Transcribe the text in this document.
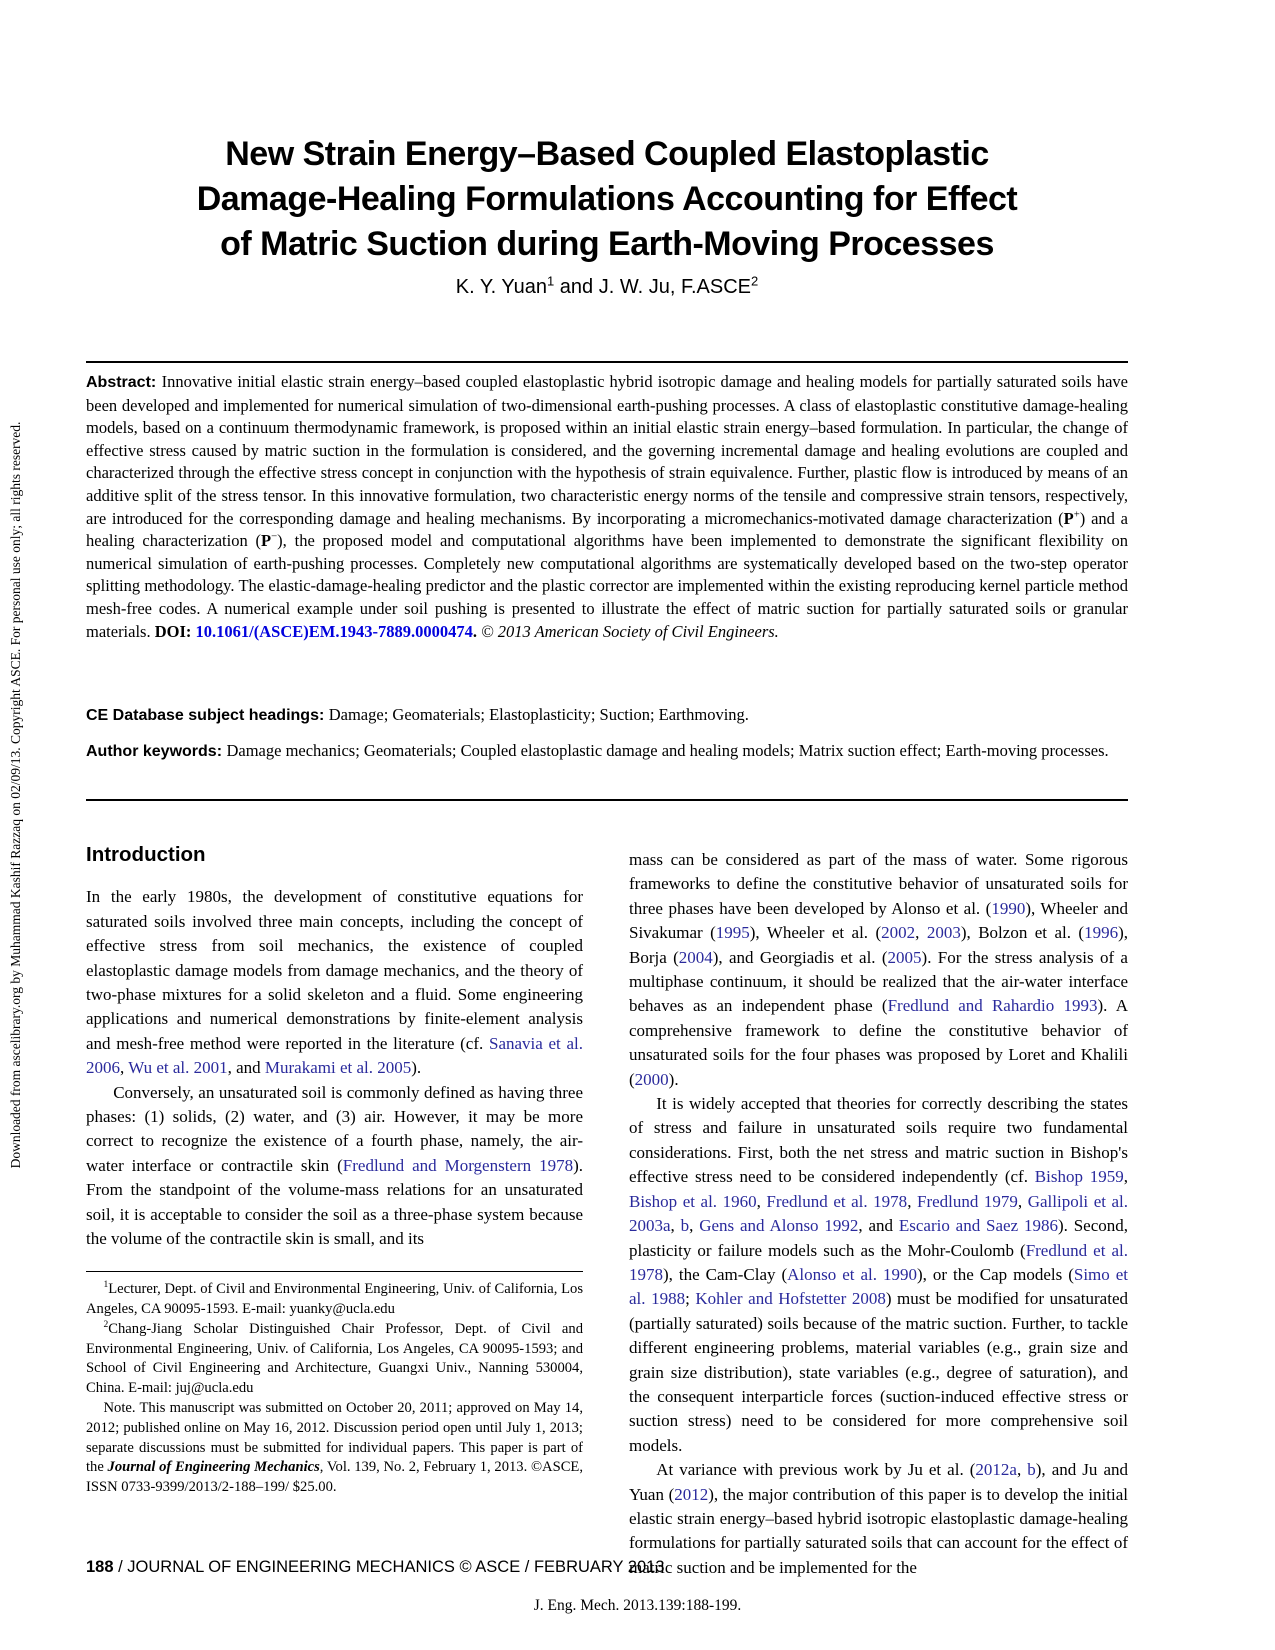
Downloaded from ascelibrary.org by Muhammad Kashif Razzaq on 02/09/13. Copyright ASCE. For personal use only; all rights reserved.
New Strain Energy–Based Coupled Elastoplastic
Damage-Healing Formulations Accounting for Effect
of Matric Suction during Earth-Moving Processes
K. Y. Yuan$^1$ and J. W. Ju, F.ASCE$^2$
Abstract: Innovative initial elastic strain energy–based coupled elastoplastic hybrid isotropic damage and healing models for partially saturated soils have been developed and implemented for numerical simulation of two-dimensional earth-pushing processes. A class of elastoplastic constitutive damage-healing models, based on a continuum thermodynamic framework, is proposed within an initial elastic strain energy–based formulation. In particular, the change of effective stress caused by matric suction in the formulation is considered, and the governing incremental damage and healing evolutions are coupled and characterized through the effective stress concept in conjunction with the hypothesis of strain equivalence. Further, plastic flow is introduced by means of an additive split of the stress tensor. In this innovative formulation, two characteristic energy norms of the tensile and compressive strain tensors, respectively, are introduced for the corresponding damage and healing mechanisms. By incorporating a micromechanics-motivated damage characterization (P+) and a healing characterization (P−), the proposed model and computational algorithms have been implemented to demonstrate the significant flexibility on numerical simulation of earth-pushing processes. Completely new computational algorithms are systematically developed based on the two-step operator splitting methodology. The elastic-damage-healing predictor and the plastic corrector are implemented within the existing reproducing kernel particle method mesh-free codes. A numerical example under soil pushing is presented to illustrate the effect of matric suction for partially saturated soils or granular materials. DOI: 10.1061/(ASCE)EM.1943-7889.0000474. © 2013 American Society of Civil Engineers.
CE Database subject headings: Damage; Geomaterials; Elastoplasticity; Suction; Earthmoving.
Author keywords: Damage mechanics; Geomaterials; Coupled elastoplastic damage and healing models; Matrix suction effect; Earth-moving processes.
Introduction

In the early 1980s, the development of constitutive equations for saturated soils involved three main concepts, including the concept of effective stress from soil mechanics, the existence of coupled elastoplastic damage models from damage mechanics, and the theory of two-phase mixtures for a solid skeleton and a fluid. Some engineering applications and numerical demonstrations by finite-element analysis and mesh-free method were reported in the literature (cf. Sanavia et al. 2006, Wu et al. 2001, and Murakami et al. 2005).

Conversely, an unsaturated soil is commonly defined as having three phases: (1) solids, (2) water, and (3) air. However, it may be more correct to recognize the existence of a fourth phase, namely, the air-water interface or contractile skin (Fredlund and Morgenstern 1978). From the standpoint of the volume-mass relations for an unsaturated soil, it is acceptable to consider the soil as a three-phase system because the volume of the contractile skin is small, and its

mass can be considered as part of the mass of water. Some rigorous frameworks to define the constitutive behavior of unsaturated soils for three phases have been developed by Alonso et al. (1990), Wheeler and Sivakumar (1995), Wheeler et al. (2002, 2003), Bolzon et al. (1996), Borja (2004), and Georgiadis et al. (2005). For the stress analysis of a multiphase continuum, it should be realized that the air-water interface behaves as an independent phase (Fredlund and Rahardio 1993). A comprehensive framework to define the constitutive behavior of unsaturated soils for the four phases was proposed by Loret and Khalili (2000).

It is widely accepted that theories for correctly describing the states of stress and failure in unsaturated soils require two fundamental considerations. First, both the net stress and matric suction in Bishop's effective stress need to be considered independently (cf. Bishop 1959, Bishop et al. 1960, Fredlund et al. 1978, Fredlund 1979, Gallipoli et al. 2003a, b, Gens and Alonso 1992, and Escario and Saez 1986). Second, plasticity or failure models such as the Mohr-Coulomb (Fredlund et al. 1978), the Cam-Clay (Alonso et al. 1990), or the Cap models (Simo et al. 1988; Kohler and Hofstetter 2008) must be modified for unsaturated (partially saturated) soils because of the matric suction. Further, to tackle different engineering problems, material variables (e.g., grain size and grain size distribution), state variables (e.g., degree of saturation), and the consequent interparticle forces (suction-induced effective stress or suction stress) need to be considered for more comprehensive soil models.

At variance with previous work by Ju et al. (2012a, b), and Ju and Yuan (2012), the major contribution of this paper is to develop the initial elastic strain energy–based hybrid isotropic elastoplastic damage-healing formulations for partially saturated soils that can account for the effect of matric suction and be implemented for the

$^1$Lecturer, Dept. of Civil and Environmental Engineering, Univ. of California, Los Angeles, CA 90095-1593. E-mail: yuanky@ucla.edu

$^2$Chang-Jiang Scholar Distinguished Chair Professor, Dept. of Civil and Environmental Engineering, Univ. of California, Los Angeles, CA 90095-1593; and School of Civil Engineering and Architecture, Guangxi Univ., Nanning 530004, China. E-mail: juj@ucla.edu

Note. This manuscript was submitted on October 20, 2011; approved on May 14, 2012; published online on May 16, 2012. Discussion period open until July 1, 2013; separate discussions must be submitted for individual papers. This paper is part of the Journal of Engineering Mechanics, Vol. 139, No. 2, February 1, 2013. ©ASCE, ISSN 0733-9399/2013/2-188–199/ $25.00.

188 / JOURNAL OF ENGINEERING MECHANICS © ASCE / FEBRUARY 2013
J. Eng. Mech. 2013.139:188-199.
